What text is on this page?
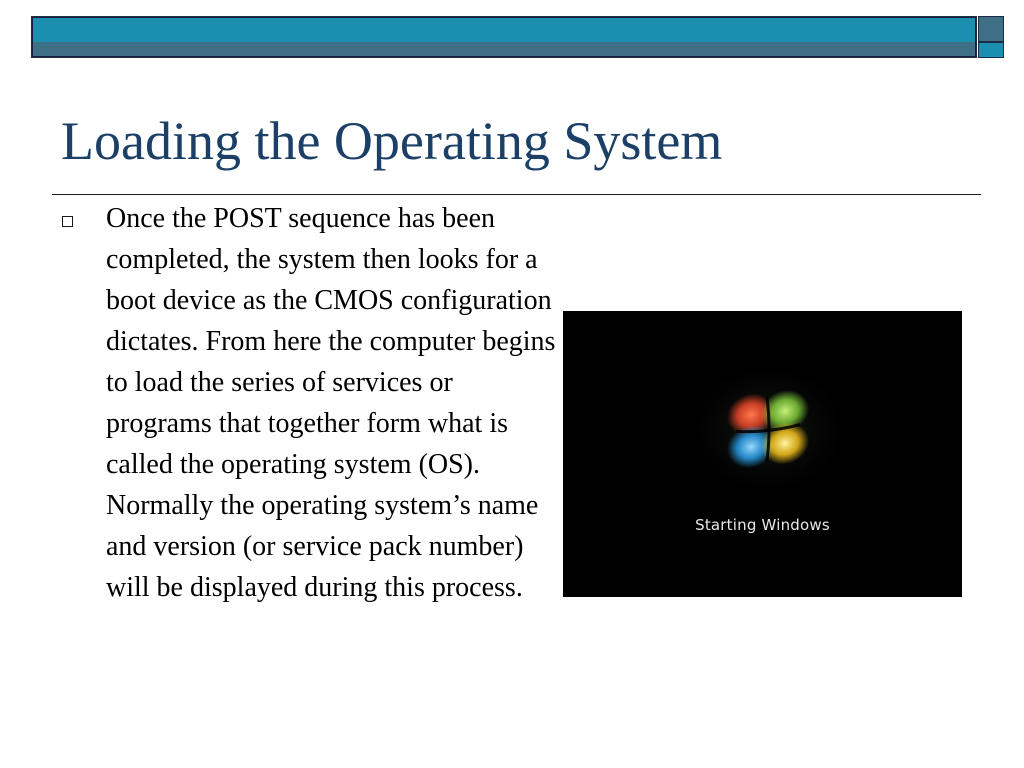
Loading the Operating System

Once the POST sequence has been completed, the system then looks for a boot device as the CMOS configuration dictates. From here the computer begins to load the series of services or programs that together form what is called the operating system (OS). Normally the operating system’s name and version (or service pack number) will be displayed during this process.

Starting Windows
